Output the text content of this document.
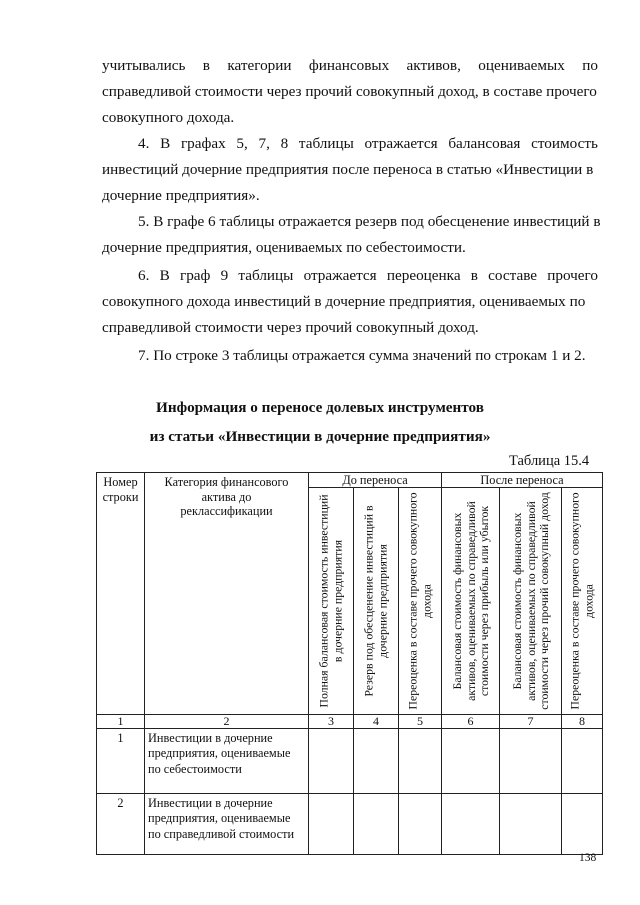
учитывались в категории финансовых активов, оцениваемых по
справедливой стоимости через прочий совокупный доход, в составе прочего
совокупного дохода.
4. В графах 5, 7, 8 таблицы отражается балансовая стоимость
инвестиций дочерние предприятия после переноса в статью «Инвестиции в
дочерние предприятия».
5. В графе 6 таблицы отражается резерв под обесценение инвестиций в
дочерние предприятия, оцениваемых по себестоимости.
6. В граф 9 таблицы отражается переоценка в составе прочего
совокупного дохода инвестиций в дочерние предприятия, оцениваемых по
справедливой стоимости через прочий совокупный доход.
7. По строке 3 таблицы отражается сумма значений по строкам 1 и 2.
Информация о переносе долевых инструментов
из статьи «Инвестиции в дочерние предприятия»
Таблица 15.4
Номер строки	Категория финансового актива до реклассификации	До переноса			После переноса		

		Полная балансовая стоимость инвестиций в дочерние предприятия	Резерв под обесценение инвестиций в дочерние предприятия	Переоценка в составе прочего совокупного дохода	Балансовая стоимость финансовых активов, оцениваемых по справедливой стоимости через прибыль или убыток	Балансовая стоимость финансовых активов, оцениваемых по справедливой стоимости через прочий совокупный доход	Переоценка в составе прочего совокупного дохода

1	2	3	4	5	6	7	8
1	Инвестиции в дочерние предприятия, оцениваемые по себестоимости						
2	Инвестиции в дочерние предприятия, оцениваемые по справедливой стоимости						
138
